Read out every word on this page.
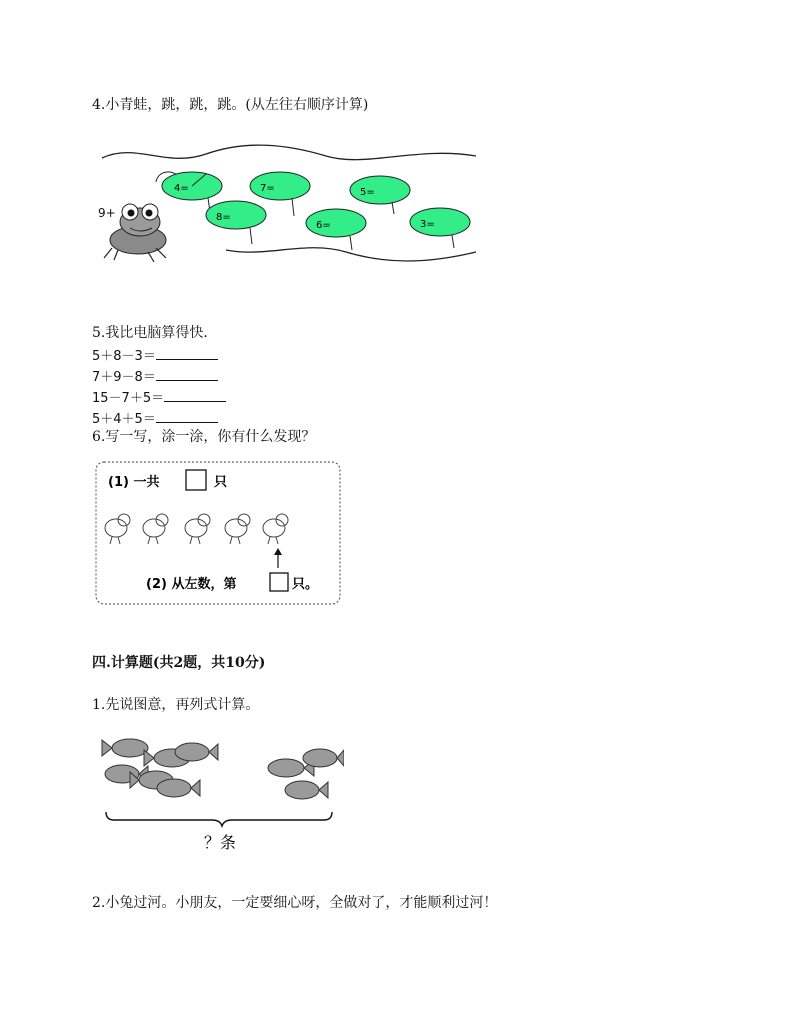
4.小青蛙，跳，跳，跳。(从左往右顺序计算)
4=	7=	5=
8=
6=	3=
9+
5.我比电脑算得快.
5＋8－3＝
7＋9－8＝
15－7＋5＝
5＋4＋5＝
6.写一写，涂一涂，你有什么发现？
(1) 一共	只
(2) 从左数，第	只。
四.计算题(共2题，共10分)
1.先说图意，再列式计算。
？条
2.小兔过河。小朋友，一定要细心呀，全做对了，才能顺利过河！
